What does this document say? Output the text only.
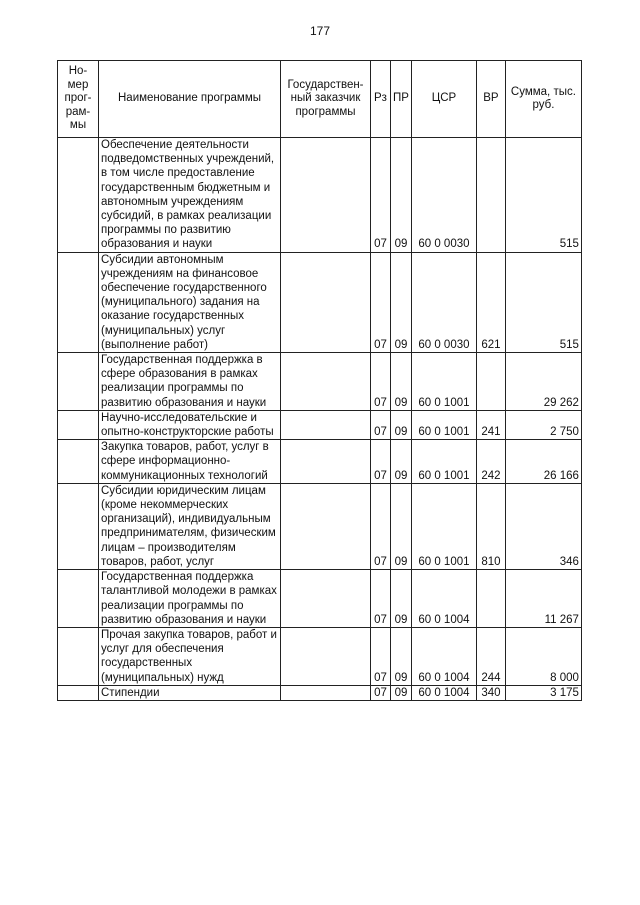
177
Но-мер прог-рам-мы	Наименование программы	Государствен-ный заказчик программы	Рз	ПР	ЦСР	ВР	Сумма, тыс. руб.
	Обеспечение деятельности подведомственных учреждений, в том числе предоставление государственным бюджетным и автономным учреждениям субсидий, в рамках реализации программы по развитию образования и науки		07	09	60 0 0030		515
	Субсидии автономным учреждениям на финансовое обеспечение государственного (муниципального) задания на оказание государственных (муниципальных) услуг (выполнение работ)		07	09	60 0 0030	621	515
	Государственная поддержка в сфере образования в рамках реализации программы по развитию образования и науки		07	09	60 0 1001		29 262
	Научно-исследовательские и опытно-конструкторские работы		07	09	60 0 1001	241	2 750
	Закупка товаров, работ, услуг в сфере информационно-коммуникационных технологий		07	09	60 0 1001	242	26 166
	Субсидии юридическим лицам (кроме некоммерческих организаций), индивидуальным предпринимателям, физическим лицам – производителям товаров, работ, услуг		07	09	60 0 1001	810	346
	Государственная поддержка талантливой молодежи в рамках реализации программы по развитию образования и науки		07	09	60 0 1004		11 267
	Прочая закупка товаров, работ и услуг для обеспечения государственных (муниципальных) нужд		07	09	60 0 1004	244	8 000
	Стипендии		07	09	60 0 1004	340	3 175
